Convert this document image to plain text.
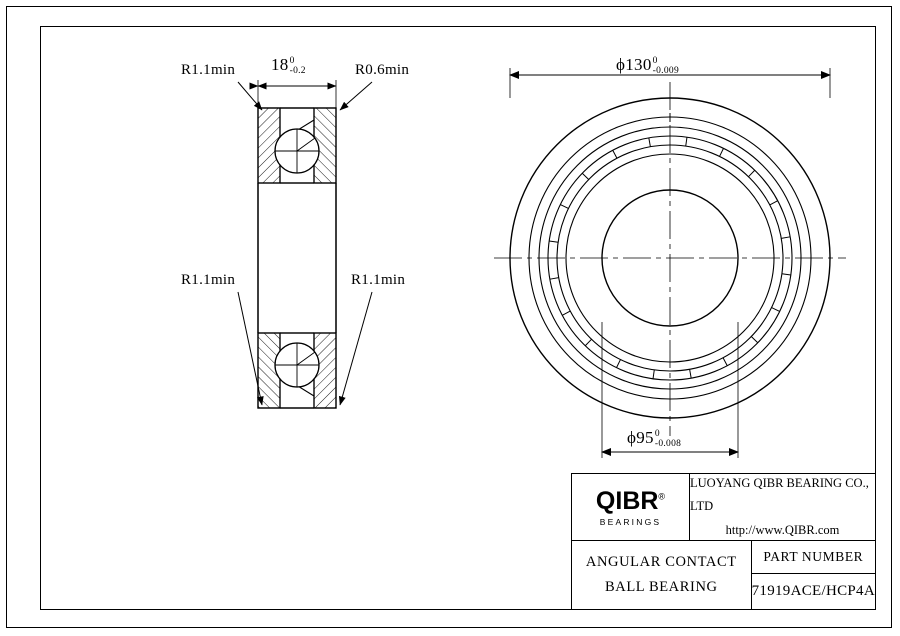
R1.1min 18 0
-0.2	R0.6min
R1.1min	R1.1min
ϕ130 0
-0.009
ϕ95 0
-0.008
QIBR®
BEARINGS
LUOYANG QIBR BEARING CO., LTD
http://www.QIBR.com
ANGULAR CONTACT
BALL BEARING
PART NUMBER
71919ACE/HCP4A
